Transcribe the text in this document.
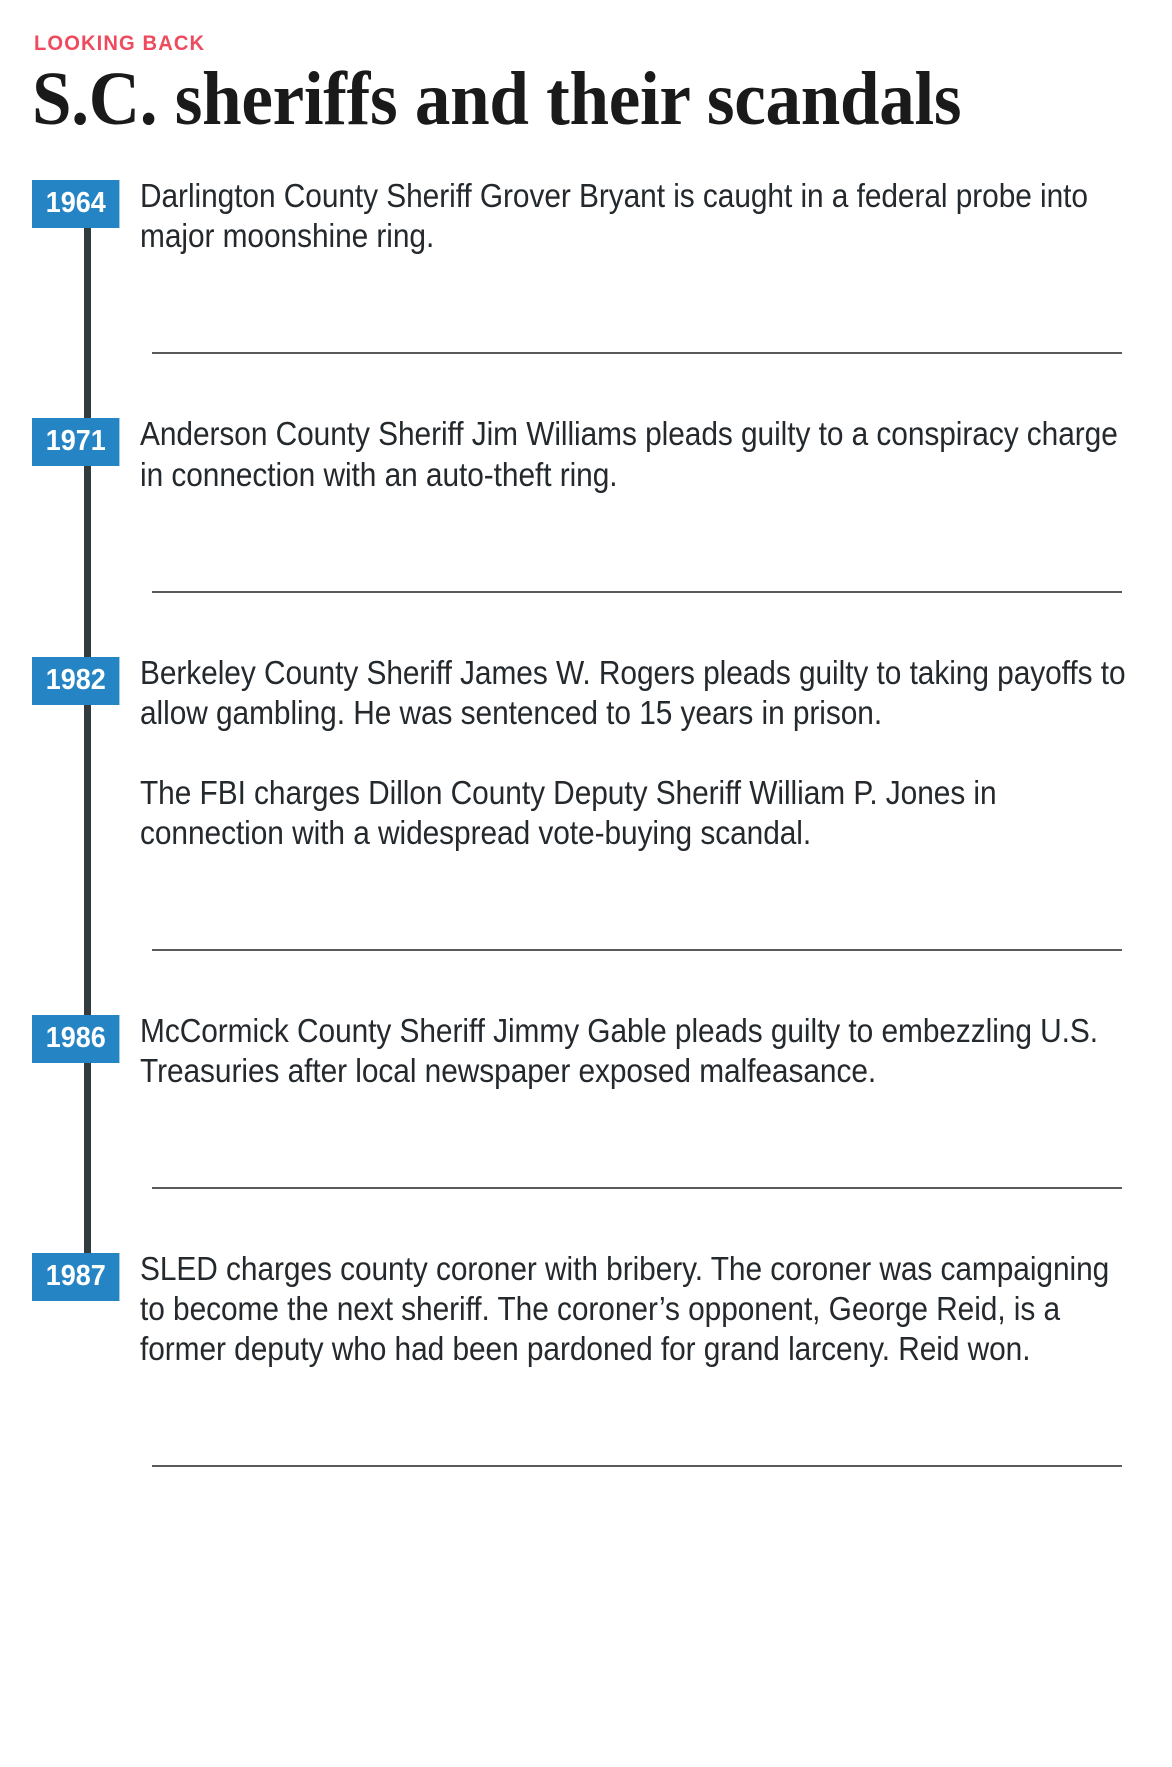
LOOKING BACK
S.C. sheriffs and their scandals
1964	Darlington County Sheriff Grover Bryant is caught in a federal probe into major moonshine ring.

1971	Anderson County Sheriff Jim Williams pleads guilty to a conspiracy charge in connection with an auto-theft ring.

1982	Berkeley County Sheriff James W. Rogers pleads guilty to taking payoffs to allow gambling. He was sentenced to 15 years in prison.

The FBI charges Dillon County Deputy Sheriff William P. Jones in connection with a widespread vote-buying scandal.

1986	McCormick County Sheriff Jimmy Gable pleads guilty to embezzling U.S. Treasuries after local newspaper exposed malfeasance.

1987	SLED charges county coroner with bribery. The coroner was campaigning to become the next sheriff. The coroner’s opponent, George Reid, is a former deputy who had been pardoned for grand larceny. Reid won.
